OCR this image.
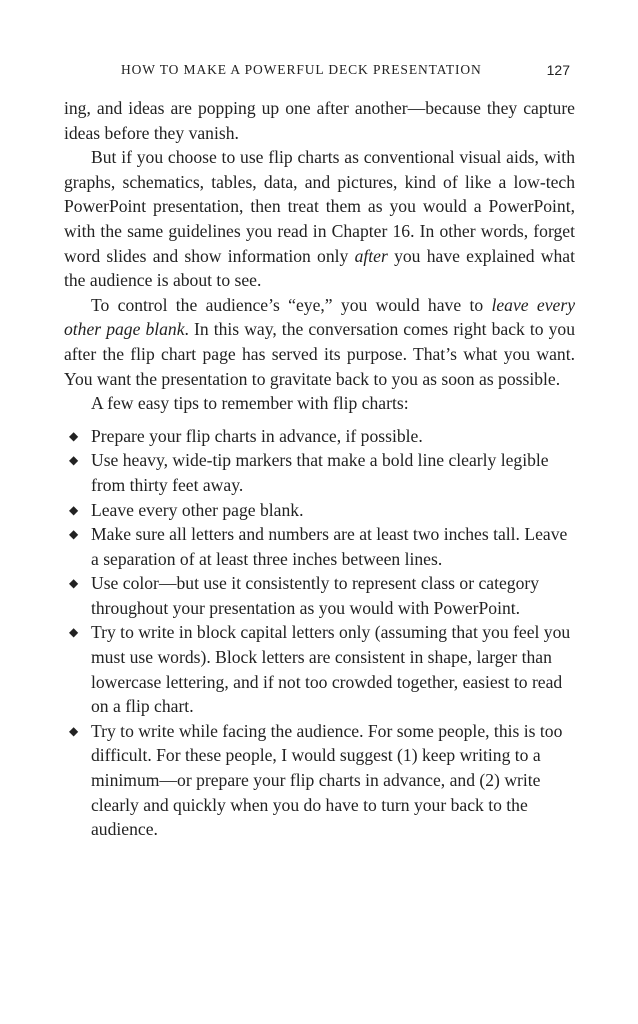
HOW TO MAKE A POWERFUL DECK PRESENTATION	127

ing, and ideas are popping up one after another—because they capture ideas before they vanish.

But if you choose to use flip charts as conventional visual aids, with graphs, schematics, tables, data, and pictures, kind of like a low-tech PowerPoint presentation, then treat them as you would a PowerPoint, with the same guidelines you read in Chapter 16. In other words, forget word slides and show information only after you have explained what the audience is about to see.

To control the audience’s “eye,” you would have to leave every other page blank. In this way, the conversation comes right back to you after the flip chart page has served its purpose. That’s what you want. You want the presentation to gravitate back to you as soon as possible.

A few easy tips to remember with flip charts:

◆ Prepare your flip charts in advance, if possible.
◆ Use heavy, wide-tip markers that make a bold line clearly legible from thirty feet away.
◆ Leave every other page blank.
◆ Make sure all letters and numbers are at least two inches tall. Leave a separation of at least three inches between lines.
◆ Use color—but use it consistently to represent class or category throughout your presentation as you would with PowerPoint.
◆ Try to write in block capital letters only (assuming that you feel you must use words). Block letters are consistent in shape, larger than lowercase lettering, and if not too crowded together, easiest to read on a flip chart.
◆ Try to write while facing the audience. For some people, this is too difficult. For these people, I would suggest (1) keep writing to a minimum—or prepare your flip charts in advance, and (2) write clearly and quickly when you do have to turn your back to the audience.
